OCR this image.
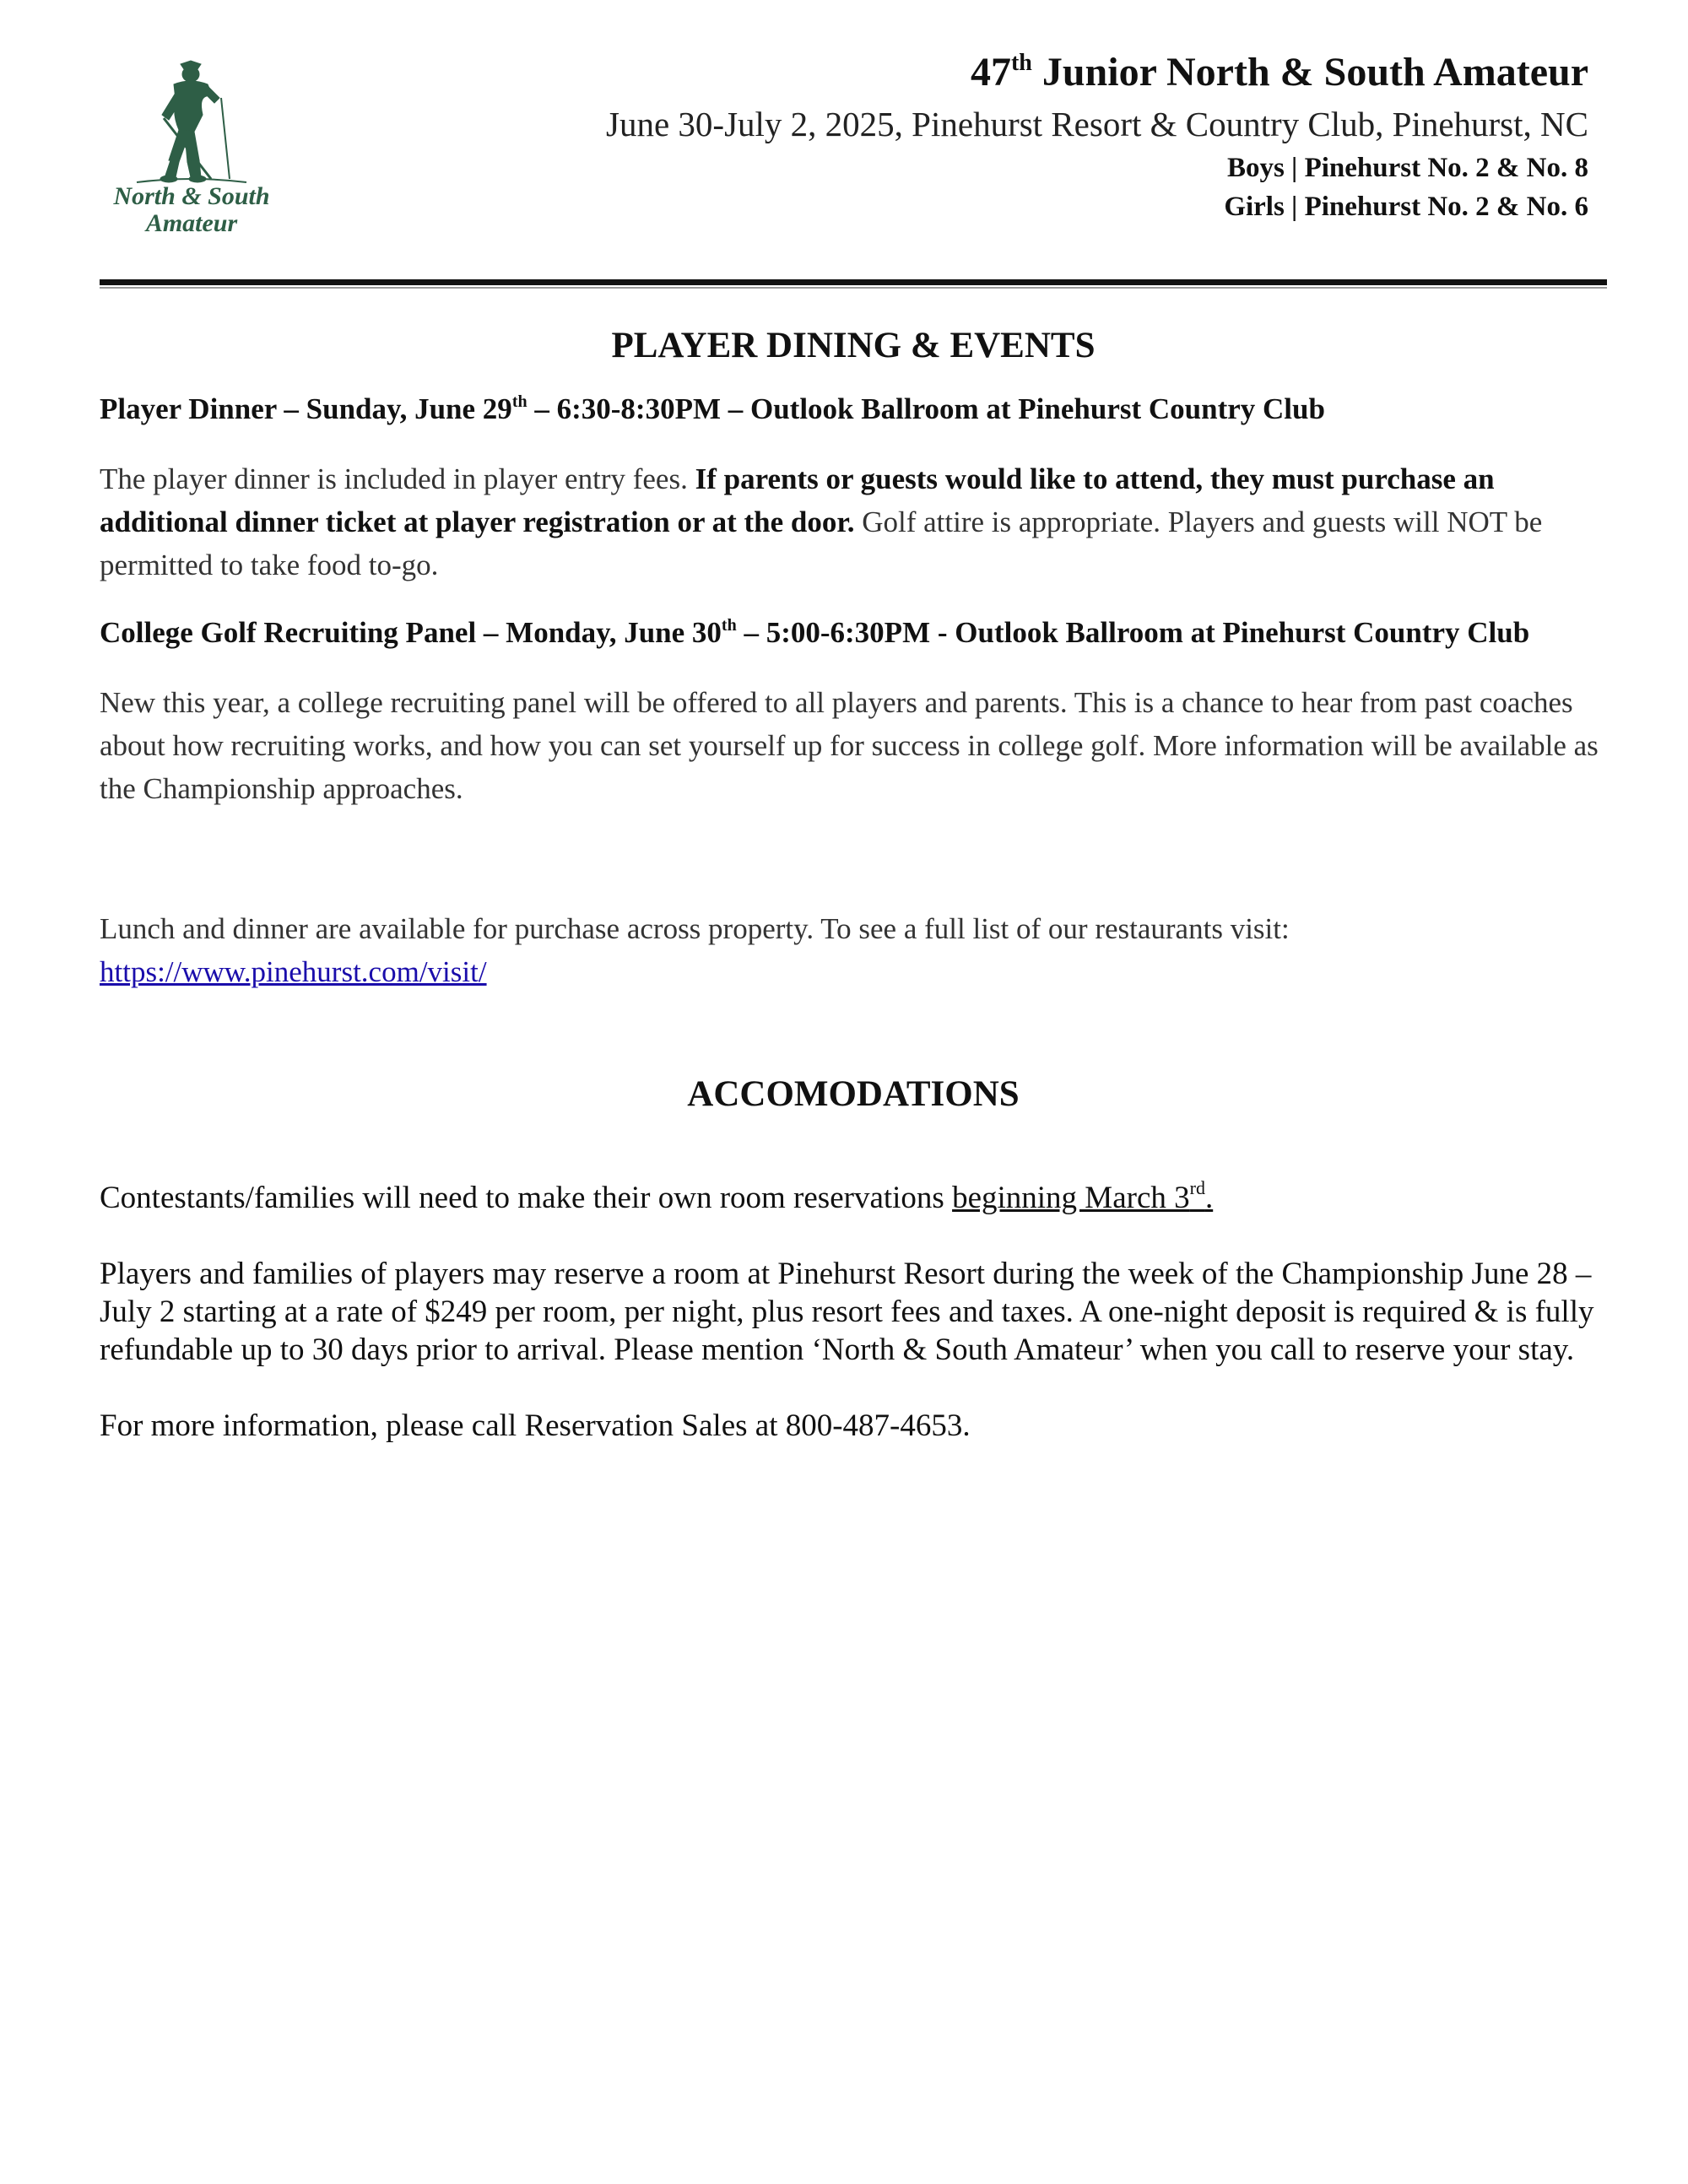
North & South
Amateur
47th Junior North & South Amateur
June 30-July 2, 2025, Pinehurst Resort & Country Club, Pinehurst, NC
Boys | Pinehurst No. 2 & No. 8
Girls | Pinehurst No. 2 & No. 6
PLAYER DINING & EVENTS

Player Dinner – Sunday, June 29th – 6:30-8:30PM – Outlook Ballroom at Pinehurst Country Club

The player dinner is included in player entry fees. If parents or guests would like to attend, they must purchase an additional dinner ticket at player registration or at the door. Golf attire is appropriate. Players and guests will NOT be permitted to take food to-go.

College Golf Recruiting Panel – Monday, June 30th – 5:00-6:30PM - Outlook Ballroom at Pinehurst Country Club

New this year, a college recruiting panel will be offered to all players and parents. This is a chance to hear from past coaches about how recruiting works, and how you can set yourself up for success in college golf. More information will be available as the Championship approaches.

Lunch and dinner are available for purchase across property. To see a full list of our restaurants visit:
https://www.pinehurst.com/visit/

ACCOMODATIONS

Contestants/families will need to make their own room reservations beginning March 3rd.

Players and families of players may reserve a room at Pinehurst Resort during the week of the Championship June 28 – July 2 starting at a rate of $249 per room, per night, plus resort fees and taxes. A one-night deposit is required & is fully refundable up to 30 days prior to arrival. Please mention ‘North & South Amateur’ when you call to reserve your stay.

For more information, please call Reservation Sales at 800-487-4653.
